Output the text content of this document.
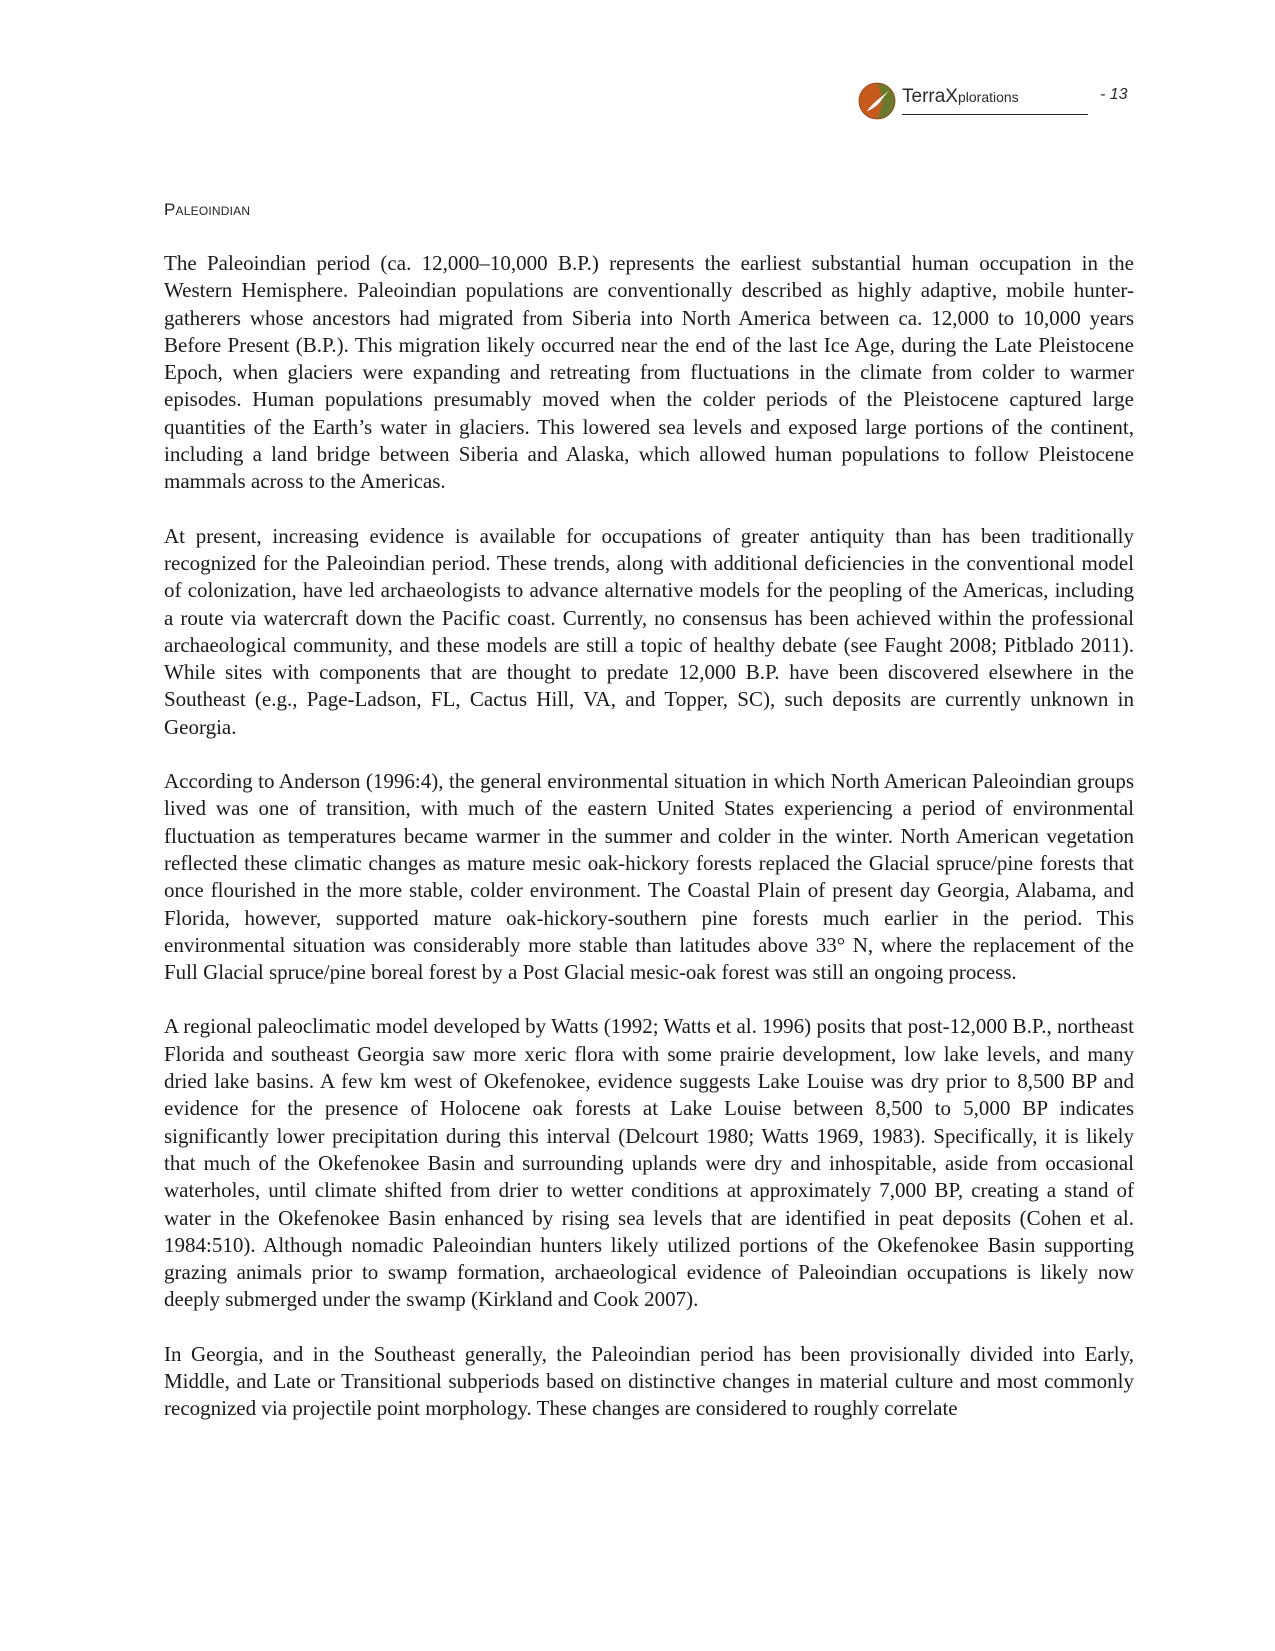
TerraXplorations	- 13
Paleoindian

The Paleoindian period (ca. 12,000–10,000 B.P.) represents the earliest substantial human occupation in the Western Hemisphere. Paleoindian populations are conventionally described as highly adaptive, mobile hunter-gatherers whose ancestors had migrated from Siberia into North America between ca. 12,000 to 10,000 years Before Present (B.P.). This migration likely occurred near the end of the last Ice Age, during the Late Pleistocene Epoch, when glaciers were expanding and retreating from fluctuations in the climate from colder to warmer episodes. Human populations presumably moved when the colder periods of the Pleistocene captured large quantities of the Earth’s water in glaciers. This lowered sea levels and exposed large portions of the continent, including a land bridge between Siberia and Alaska, which allowed human populations to follow Pleistocene mammals across to the Americas.

At present, increasing evidence is available for occupations of greater antiquity than has been traditionally recognized for the Paleoindian period. These trends, along with additional deficiencies in the conventional model of colonization, have led archaeologists to advance alternative models for the peopling of the Americas, including a route via watercraft down the Pacific coast. Currently, no consensus has been achieved within the professional archaeological community, and these models are still a topic of healthy debate (see Faught 2008; Pitblado 2011). While sites with components that are thought to predate 12,000 B.P. have been discovered elsewhere in the Southeast (e.g., Page-Ladson, FL, Cactus Hill, VA, and Topper, SC), such deposits are currently unknown in Georgia.

According to Anderson (1996:4), the general environmental situation in which North American Paleoindian groups lived was one of transition, with much of the eastern United States experiencing a period of environmental fluctuation as temperatures became warmer in the summer and colder in the winter. North American vegetation reflected these climatic changes as mature mesic oak-hickory forests replaced the Glacial spruce/pine forests that once flourished in the more stable, colder environment. The Coastal Plain of present day Georgia, Alabama, and Florida, however, supported mature oak-hickory-southern pine forests much earlier in the period. This environmental situation was considerably more stable than latitudes above 33° N, where the replacement of the Full Glacial spruce/pine boreal forest by a Post Glacial mesic-oak forest was still an ongoing process.

A regional paleoclimatic model developed by Watts (1992; Watts et al. 1996) posits that post-12,000 B.P., northeast Florida and southeast Georgia saw more xeric flora with some prairie development, low lake levels, and many dried lake basins. A few km west of Okefenokee, evidence suggests Lake Louise was dry prior to 8,500 BP and evidence for the presence of Holocene oak forests at Lake Louise between 8,500 to 5,000 BP indicates significantly lower precipitation during this interval (Delcourt 1980; Watts 1969, 1983). Specifically, it is likely that much of the Okefenokee Basin and surrounding uplands were dry and inhospitable, aside from occasional waterholes, until climate shifted from drier to wetter conditions at approximately 7,000 BP, creating a stand of water in the Okefenokee Basin enhanced by rising sea levels that are identified in peat deposits (Cohen et al. 1984:510). Although nomadic Paleoindian hunters likely utilized portions of the Okefenokee Basin supporting grazing animals prior to swamp formation, archaeological evidence of Paleoindian occupations is likely now deeply submerged under the swamp (Kirkland and Cook 2007).

In Georgia, and in the Southeast generally, the Paleoindian period has been provisionally divided into Early, Middle, and Late or Transitional subperiods based on distinctive changes in material culture and most commonly recognized via projectile point morphology. These changes are considered to roughly correlate
